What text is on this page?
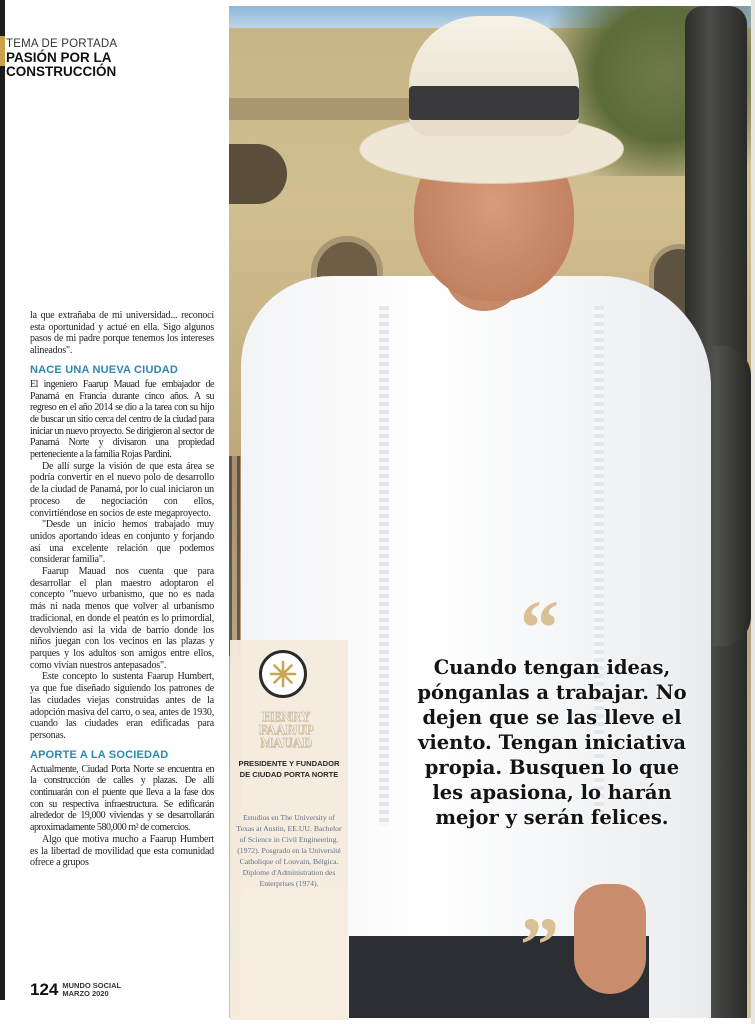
TEMA DE PORTADA
PASIÓN POR LA
CONSTRUCCIÓN

la que extrañaba de mi universidad... reconocí esta oportunidad y actué en ella. Sigo algunos pasos de mi padre porque tenemos los intereses alineados".

NACE UNA NUEVA CIUDAD

El ingeniero Faarup Mauad fue embajador de Panamá en Francia durante cinco años. A su regreso en el año 2014 se dio a la tarea con su hijo de buscar un sitio cerca del centro de la ciudad para iniciar un nuevo proyecto. Se dirigieron al sector de Panamá Norte y divisaron una propiedad perteneciente a la familia Rojas Pardini.

De allí surge la visión de que esta área se podría convertir en el nuevo polo de desarrollo de la ciudad de Panamá, por lo cual iniciaron un proceso de negociación con ellos, convirtiéndose en socios de este megaproyecto.

"Desde un inicio hemos trabajado muy unidos aportando ideas en conjunto y forjando así una excelente relación que podemos considerar familia".

Faarup Mauad nos cuenta que para desarrollar el plan maestro adoptaron el concepto "nuevo urbanismo, que no es nada más ni nada menos que volver al urbanismo tradicional, en donde el peatón es lo primordial, devolviendo así la vida de barrio donde los niños juegan con los vecinos en las plazas y parques y los adultos son amigos entre ellos, como vivían nuestros antepasados".

Este concepto lo sustenta Faarup Humbert, ya que fue diseñado siguiendo los patrones de las ciudades viejas construidas antes de la adopción masiva del carro, o sea, antes de 1930, cuando las ciudades eran edificadas para personas.

APORTE A LA SOCIEDAD

Actualmente, Ciudad Porta Norte se encuentra en la construcción de calles y plazas. De allí continuarán con el puente que lleva a la fase dos con su respectiva infraestructura. Se edificarán alrededor de 19,000 viviendas y se desarrollarán aproximadamente 580,000 m² de comercios.

Algo que motiva mucho a Faarup Humbert es la libertad de movilidad que esta comunidad ofrece a grupos

124 MUNDO SOCIAL
MARZO 2020
HENRY
FAARUP
MAUAD
PRESIDENTE Y FUNDADOR DE CIUDAD PORTA NORTE
Estudios en The University of Texas at Austin, EE.UU. Bachelor of Science in Civil Engineering. (1972). Posgrado en la Université Catholique of Louvain, Bélgica. Diplome d'Administration des Enterprises (1974).
“
Cuando tengan ideas, pónganlas a trabajar. No dejen que se las lleve el viento. Tengan iniciativa propia. Busquen lo que les apasiona, lo harán mejor y serán felices.
”
